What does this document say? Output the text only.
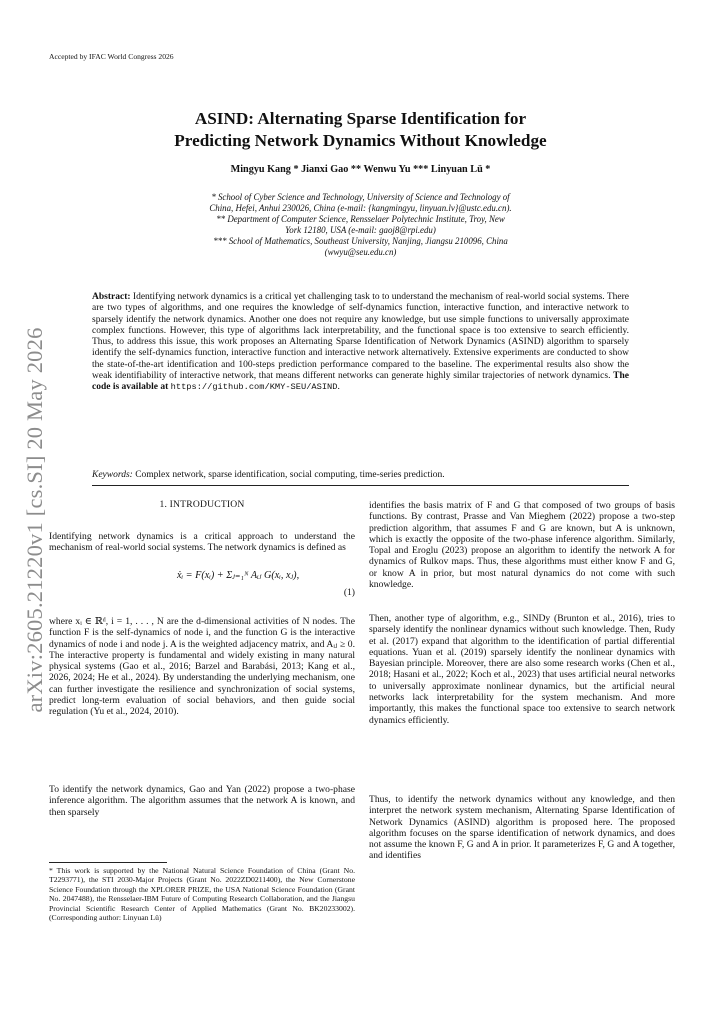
Accepted by IFAC World Congress 2026
ASIND: Alternating Sparse Identification for
Predicting Network Dynamics Without Knowledge
Mingyu Kang * Jianxi Gao ** Wenwu Yu *** Linyuan Lü *
* School of Cyber Science and Technology, University of Science and Technology of
China, Hefei, Anhui 230026, China (e-mail: {kangmingyu, linyuan.lv}@ustc.edu.cn).
** Department of Computer Science, Rensselaer Polytechnic Institute, Troy, New
York 12180, USA (e-mail: gaoj8@rpi.edu)
*** School of Mathematics, Southeast University, Nanjing, Jiangsu 210096, China
(wwyu@seu.edu.cn)
Abstract: Identifying network dynamics is a critical yet challenging task to to understand the mechanism of real-world social systems. There are two types of algorithms, and one requires the knowledge of self-dynamics function, interactive function, and interactive network to sparsely identify the network dynamics. Another one does not require any knowledge, but use simple functions to universally approximate complex functions. However, this type of algorithms lack interpretability, and the functional space is too extensive to search efficiently. Thus, to address this issue, this work proposes an Alternating Sparse Identification of Network Dynamics (ASIND) algorithm to sparsely identify the self-dynamics function, interactive function and interactive network alternatively. Extensive experiments are conducted to show the state-of-the-art identification and 100-steps prediction performance compared to the baseline. The experimental results also show the weak identifiability of interactive network, that means different networks can generate highly similar trajectories of network dynamics. The code is available at https://github.com/KMY-SEU/ASIND.
Keywords: Complex network, sparse identification, social computing, time-series prediction.
arXiv:2605.21220v1 [cs.SI] 20 May 2026	1. INTRODUCTION
Identifying network dynamics is a critical approach to understand the mechanism of real-world social systems. The network dynamics is defined as
ẋᵢ = F(xᵢ) + Σⱼ₌₁ᴺ Aᵢⱼ G(xᵢ, xⱼ),
(1)
where xᵢ ∈ ℝᵈ, i = 1, . . . , N are the d-dimensional activities of N nodes. The function F is the self-dynamics of node i, and the function G is the interactive dynamics of node i and node j. A is the weighted adjacency matrix, and Aᵢⱼ ≥ 0. The interactive property is fundamental and widely existing in many natural physical systems (Gao et al., 2016; Barzel and Barabási, 2013; Kang et al., 2026, 2024; He et al., 2024). By understanding the underlying mechanism, one can further investigate the resilience and synchronization of social systems, predict long-term evaluation of social behaviors, and then guide social regulation (Yu et al., 2024, 2010).
To identify the network dynamics, Gao and Yan (2022) propose a two-phase inference algorithm. The algorithm assumes that the network A is known, and then sparsely
* This work is supported by the National Natural Science Foundation of China (Grant No. T2293771), the STI 2030-Major Projects (Grant No. 2022ZD0211400), the New Cornerstone Science Foundation through the XPLORER PRIZE, the USA National Science Foundation (Grant No. 2047488), the Rensselaer-IBM Future of Computing Research Collaboration, and the Jiangsu Provincial Scientific Research Center of Applied Mathematics (Grant No. BK20233002). (Corresponding author: Linyuan Lü)
identifies the basis matrix of F and G that composed of two groups of basis functions. By contrast, Prasse and Van Mieghem (2022) propose a two-step prediction algorithm, that assumes F and G are known, but A is unknown, which is exactly the opposite of the two-phase inference algorithm. Similarly, Topal and Eroglu (2023) propose an algorithm to identify the network A for dynamics of Rulkov maps. Thus, these algorithms must either know F and G, or know A in prior, but most natural dynamics do not come with such knowledge.
Then, another type of algorithm, e.g., SINDy (Brunton et al., 2016), tries to sparsely identify the nonlinear dynamics without such knowledge. Then, Rudy et al. (2017) expand that algorithm to the identification of partial differential equations. Yuan et al. (2019) sparsely identify the nonlinear dynamics with Bayesian principle. Moreover, there are also some research works (Chen et al., 2018; Hasani et al., 2022; Koch et al., 2023) that uses artificial neural networks to universally approximate nonlinear dynamics, but the artificial neural networks lack interpretability for the system mechanism. And more importantly, this makes the functional space too extensive to search network dynamics efficiently.
Thus, to identify the network dynamics without any knowledge, and then interpret the network system mechanism, Alternating Sparse Identification of Network Dynamics (ASIND) algorithm is proposed here. The proposed algorithm focuses on the sparse identification of network dynamics, and does not assume the known F, G and A in prior. It parameterizes F, G and A together, and identifies
